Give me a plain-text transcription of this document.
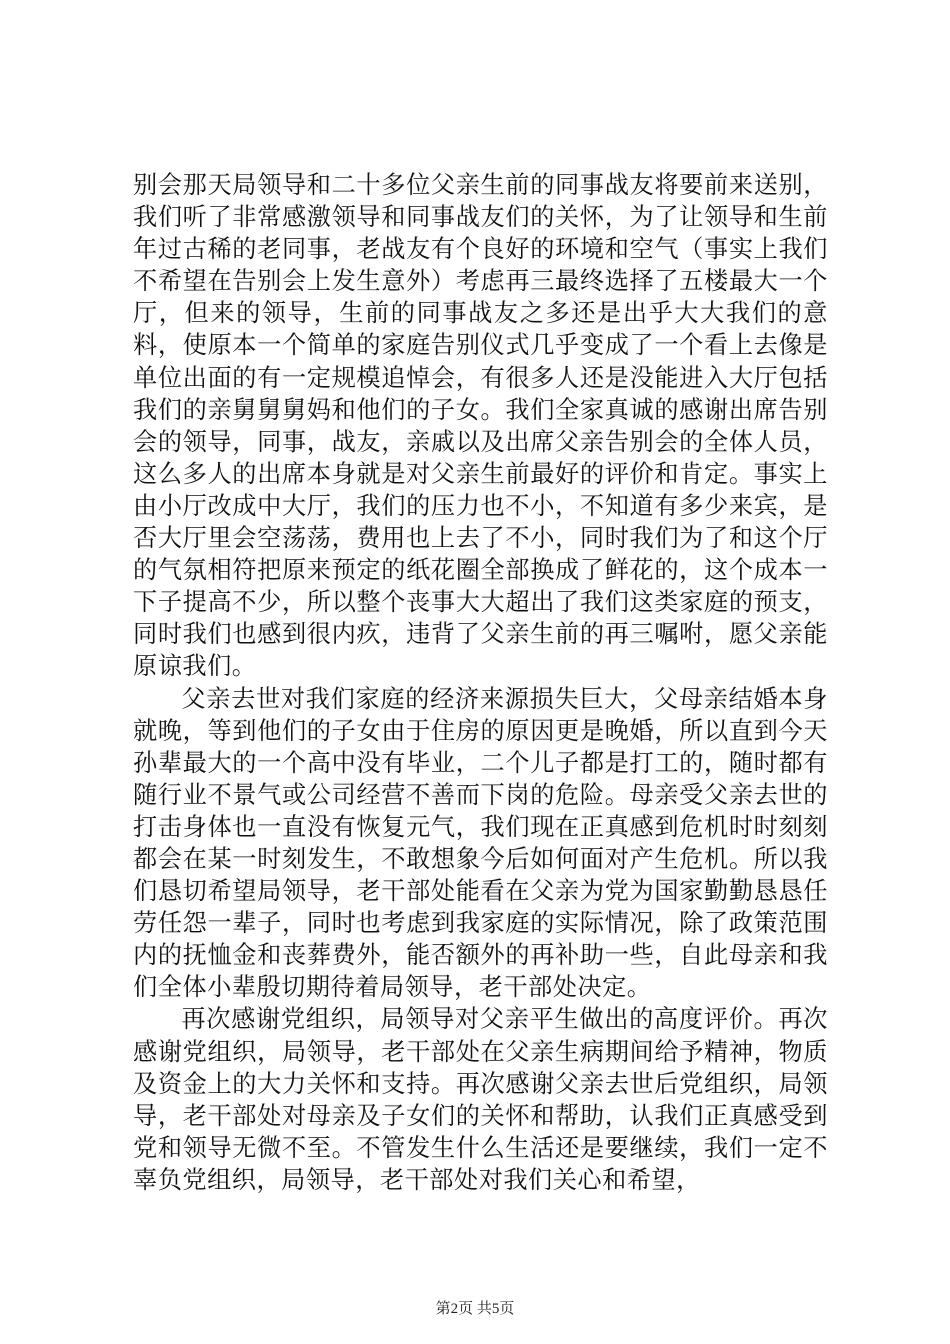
别会那天局领导和二十多位父亲生前的同事战友将要前来送别，我们听了非常感激领导和同事战友们的关怀，为了让领导和生前年过古稀的老同事，老战友有个良好的环境和空气（事实上我们不希望在告别会上发生意外）考虑再三最终选择了五楼最大一个厅，但来的领导，生前的同事战友之多还是出乎大大我们的意料，使原本一个简单的家庭告别仪式几乎变成了一个看上去像是单位出面的有一定规模追悼会，有很多人还是没能进入大厅包括我们的亲舅舅舅妈和他们的子女。我们全家真诚的感谢出席告别会的领导，同事，战友，亲戚以及出席父亲告别会的全体人员，这么多人的出席本身就是对父亲生前最好的评价和肯定。事实上由小厅改成中大厅，我们的压力也不小，不知道有多少来宾，是否大厅里会空荡荡，费用也上去了不小，同时我们为了和这个厅的气氛相符把原来预定的纸花圈全部换成了鲜花的，这个成本一下子提高不少，所以整个丧事大大超出了我们这类家庭的预支，同时我们也感到很内疚，违背了父亲生前的再三嘱咐，愿父亲能原谅我们。

父亲去世对我们家庭的经济来源损失巨大，父母亲结婚本身就晚，等到他们的子女由于住房的原因更是晚婚，所以直到今天孙辈最大的一个高中没有毕业，二个儿子都是打工的，随时都有随行业不景气或公司经营不善而下岗的危险。母亲受父亲去世的打击身体也一直没有恢复元气，我们现在正真感到危机时时刻刻都会在某一时刻发生，不敢想象今后如何面对产生危机。所以我们恳切希望局领导，老干部处能看在父亲为党为国家勤勤恳恳任劳任怨一辈子，同时也考虑到我家庭的实际情况，除了政策范围内的抚恤金和丧葬费外，能否额外的再补助一些，自此母亲和我们全体小辈殷切期待着局领导，老干部处决定。

再次感谢党组织，局领导对父亲平生做出的高度评价。再次感谢党组织，局领导，老干部处在父亲生病期间给予精神，物质及资金上的大力关怀和支持。再次感谢父亲去世后党组织，局领导，老干部处对母亲及子女们的关怀和帮助，认我们正真感受到党和领导无微不至。不管发生什么生活还是要继续，我们一定不辜负党组织，局领导，老干部处对我们关心和希望，

第2页 共5页
